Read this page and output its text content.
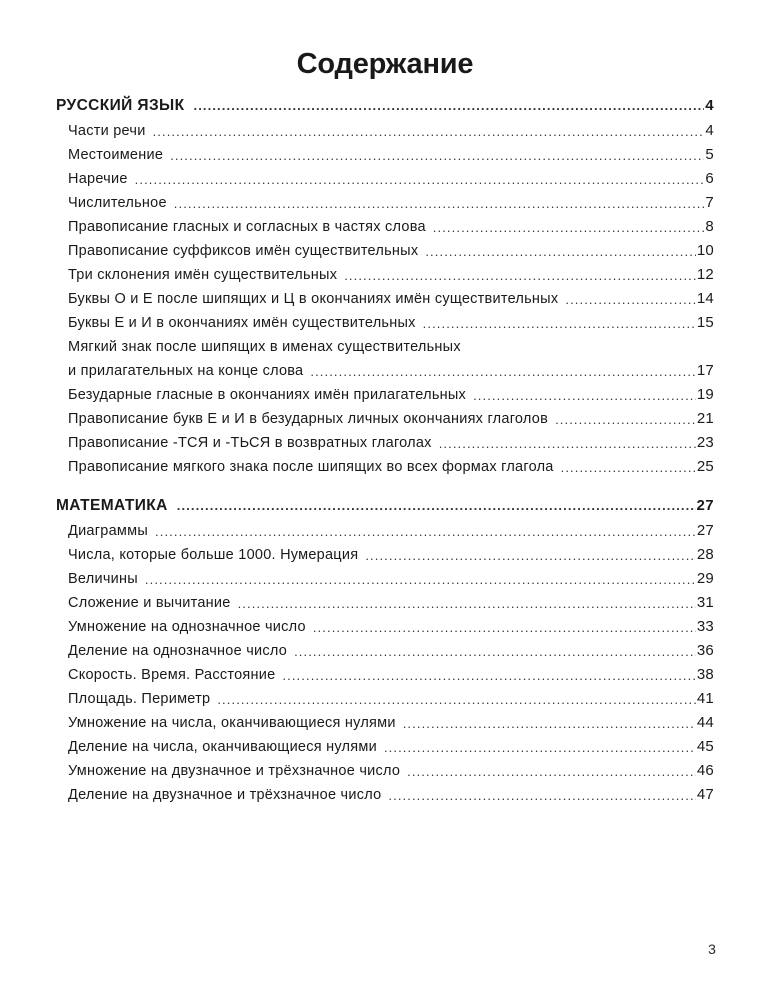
Содержание
РУССКИЙ ЯЗЫК .....	4
Части речи .....	4
Местоимение .....	5
Наречие .....	6
Числительное .....	7
Правописание гласных и согласных в частях слова .....	8
Правописание суффиксов имён существительных .....	10
Три склонения имён существительных .....	12
Буквы О и Е после шипящих и Ц в окончаниях имён существительных .....	14
Буквы Е и И в окончаниях имён существительных .....	15
Мягкий знак после шипящих в именах существительных
и прилагательных на конце слова .....	17
Безударные гласные в окончаниях имён прилагательных .....	19
Правописание букв Е и И в безударных личных окончаниях глаголов .....	21
Правописание -ТСЯ и -ТЬСЯ в возвратных глаголах .....	23
Правописание мягкого знака после шипящих во всех формах глагола .....	25
МАТЕМАТИКА .....	27
Диаграммы .....	27
Числа, которые больше 1000. Нумерация .....	28
Величины .....	29
Сложение и вычитание .....	31
Умножение на однозначное число .....	33
Деление на однозначное число .....	36
Скорость. Время. Расстояние .....	38
Площадь. Периметр .....	41
Умножение на числа, оканчивающиеся нулями .....	44
Деление на числа, оканчивающиеся нулями .....	45
Умножение на двузначное и трёхзначное число .....	46
Деление на двузначное и трёхзначное число .....	47
3
